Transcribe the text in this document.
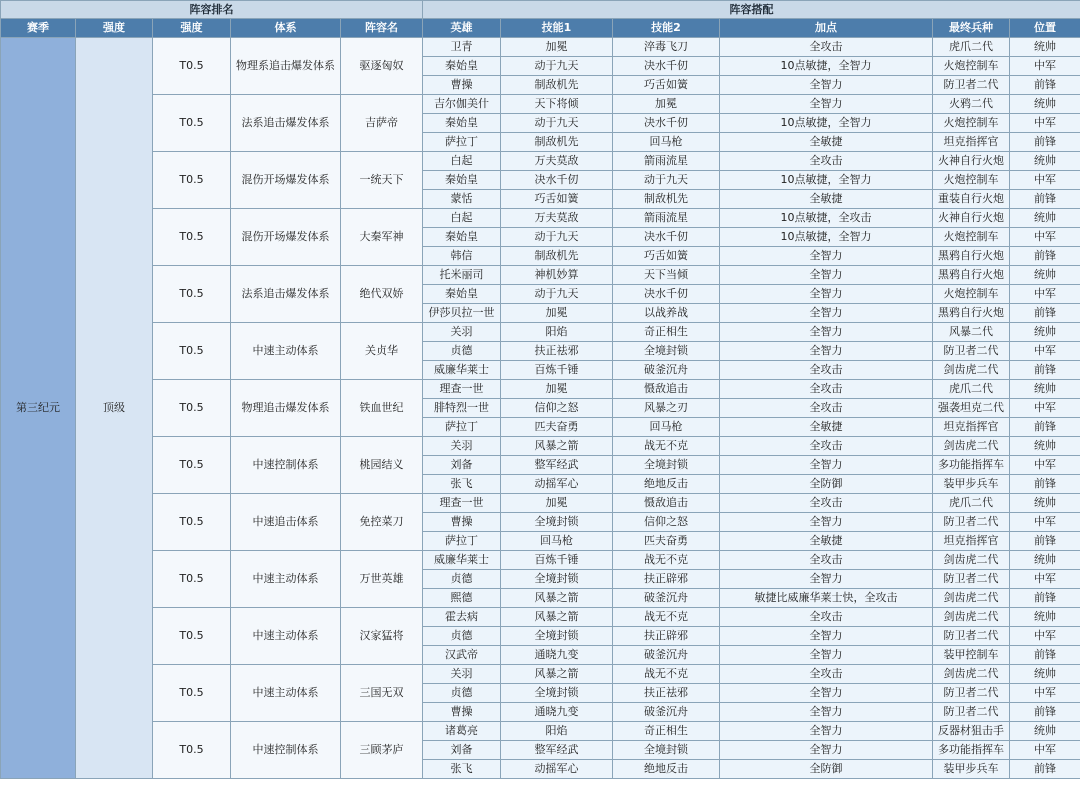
阵容排名					阵容搭配					
赛季	强度	强度	体系	阵容名	英雄	技能1	技能2	加点	最终兵种	位置
第三纪元	顶级	T0.5	物理系追击爆发体系	驱逐匈奴	卫青	加冕	淬毒飞刀	全攻击	虎爪二代	统帅
					秦始皇	动于九天	决水千仞	10点敏捷，全智力	火炮控制车	中军
					曹操	制敌机先	巧舌如簧	全智力	防卫者二代	前锋
		T0.5	法系追击爆发体系	吉萨帝	吉尔伽美什	天下将倾	加冕	全智力	火鸦二代	统帅
					秦始皇	动于九天	决水千仞	10点敏捷，全智力	火炮控制车	中军
					萨拉丁	制敌机先	回马枪	全敏捷	坦克指挥官	前锋
		T0.5	混伤开场爆发体系	一统天下	白起	万夫莫敌	箭雨流星	全攻击	火神自行火炮	统帅
					秦始皇	决水千仞	动于九天	10点敏捷，全智力	火炮控制车	中军
					蒙恬	巧舌如簧	制敌机先	全敏捷	重装自行火炮	前锋
		T0.5	混伤开场爆发体系	大秦军神	白起	万夫莫敌	箭雨流星	10点敏捷，全攻击	火神自行火炮	统帅
					秦始皇	动于九天	决水千仞	10点敏捷，全智力	火炮控制车	中军
					韩信	制敌机先	巧舌如簧	全智力	黑鸦自行火炮	前锋
		T0.5	法系追击爆发体系	绝代双娇	托米丽司	神机妙算	天下当倾	全智力	黑鸦自行火炮	统帅
					秦始皇	动于九天	决水千仞	全智力	火炮控制车	中军
					伊莎贝拉一世	加冕	以战养战	全智力	黑鸦自行火炮	前锋
		T0.5	中速主动体系	关贞华	关羽	阳焰	奇正相生	全智力	风暴二代	统帅
					贞德	扶正祛邪	全境封锁	全智力	防卫者二代	中军
					威廉华莱士	百炼千锤	破釜沉舟	全攻击	剑齿虎二代	前锋
		T0.5	物理追击爆发体系	铁血世纪	理查一世	加冕	慑敌追击	全攻击	虎爪二代	统帅
					腓特烈一世	信仰之怒	风暴之刃	全攻击	强袭坦克二代	中军
					萨拉丁	匹夫奋勇	回马枪	全敏捷	坦克指挥官	前锋
		T0.5	中速控制体系	桃园结义	关羽	风暴之箭	战无不克	全攻击	剑齿虎二代	统帅
					刘备	整军经武	全境封锁	全智力	多功能指挥车	中军
					张飞	动摇军心	绝地反击	全防御	装甲步兵车	前锋
		T0.5	中速追击体系	免控菜刀	理查一世	加冕	慑敌追击	全攻击	虎爪二代	统帅
					曹操	全境封锁	信仰之怒	全智力	防卫者二代	中军
					萨拉丁	回马枪	匹夫奋勇	全敏捷	坦克指挥官	前锋
		T0.5	中速主动体系	万世英雄	威廉华莱士	百炼千锤	战无不克	全攻击	剑齿虎二代	统帅
					贞德	全境封锁	扶正辟邪	全智力	防卫者二代	中军
					熙德	风暴之箭	破釜沉舟	敏捷比威廉华莱士快，全攻击	剑齿虎二代	前锋
		T0.5	中速主动体系	汉家猛将	霍去病	风暴之箭	战无不克	全攻击	剑齿虎二代	统帅
					贞德	全境封锁	扶正辟邪	全智力	防卫者二代	中军
					汉武帝	通晓九变	破釜沉舟	全智力	装甲控制车	前锋
		T0.5	中速主动体系	三国无双	关羽	风暴之箭	战无不克	全攻击	剑齿虎二代	统帅
					贞德	全境封锁	扶正祛邪	全智力	防卫者二代	中军
					曹操	通晓九变	破釜沉舟	全智力	防卫者二代	前锋
		T0.5	中速控制体系	三顾茅庐	诸葛亮	阳焰	奇正相生	全智力	反器材狙击手	统帅
					刘备	整军经武	全境封锁	全智力	多功能指挥车	中军
					张飞	动摇军心	绝地反击	全防御	装甲步兵车	前锋
